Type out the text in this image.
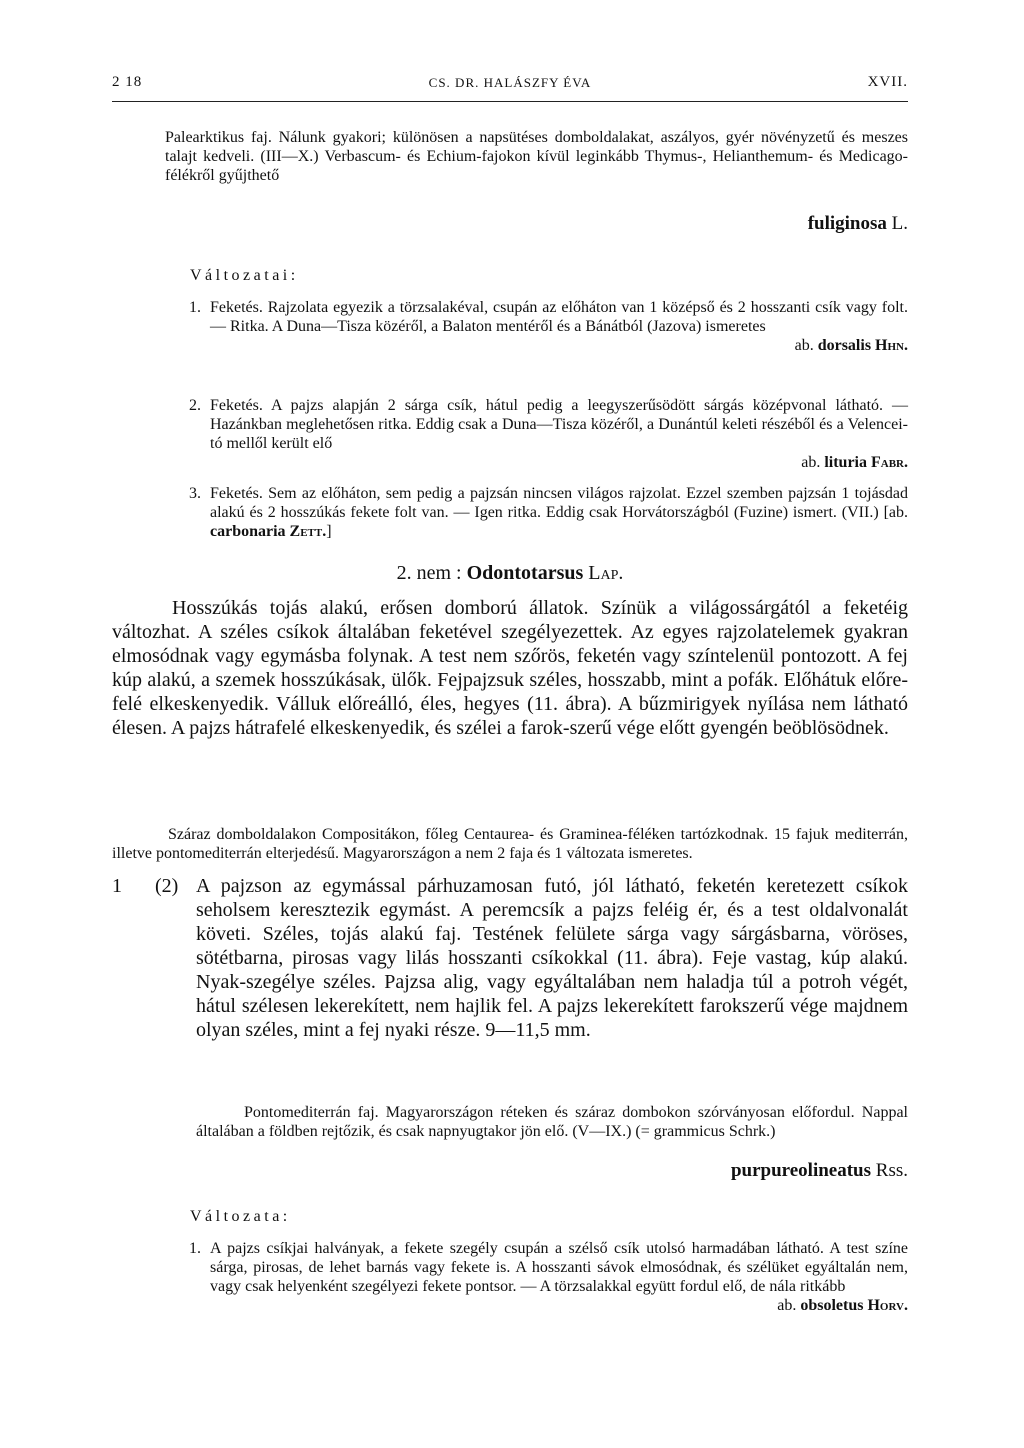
2 18	CS. DR. HALÁSZFY ÉVA	XVII.
Palearktikus faj. Nálunk gyakori; különösen a napsütéses domboldalakat, aszályos, gyér növényzetű és meszes talajt kedveli. (III—X.) Verbascum- és Echium-fajokon kívül leginkább Thymus-, Helianthemum- és Medicago-félékről gyűjthető
fuliginosa L.
Változatai:
1. Feketés. Rajzolata egyezik a törzsalakéval, csupán az előháton van 1 középső és 2 hosszanti csík vagy folt. — Ritka. A Duna—Tisza közéről, a Balaton mentéről és a Bánátból (Jazova) ismeretes
ab. dorsalis Hhn.
2. Feketés. A pajzs alapján 2 sárga csík, hátul pedig a leegyszerűsödött sárgás középvonal látható. — Hazánkban meglehetősen ritka. Eddig csak a Duna—Tisza közéről, a Dunántúl keleti részéből és a Velencei-tó mellől került elő
ab. lituria Fabr.
3. Feketés. Sem az előháton, sem pedig a pajzsán nincsen világos rajzolat. Ezzel szemben pajzsán 1 tojásdad alakú és 2 hosszúkás fekete folt van. — Igen ritka. Eddig csak Horvátországból (Fuzine) ismert. (VII.) [ab. carbonaria Zett.]
2. nem : Odontotarsus Lap.
Hosszúkás tojás alakú, erősen domború állatok. Színük a világossárgától a feketéig változhat. A széles csíkok általában feketével szegélyezettek. Az egyes rajzolatelemek gyakran elmosódnak vagy egymásba folynak. A test nem szőrös, feketén vagy színtelenül pontozott. A fej kúp alakú, a szemek hosszúkásak, ülők. Fejpajzsuk széles, hosszabb, mint a pofák. Előhátuk előre-felé elkeskenyedik. Válluk előreálló, éles, hegyes (11. ábra). A bűzmirigyek nyílása nem látható élesen. A pajzs hátrafelé elkeskenyedik, és szélei a farok-szerű vége előtt gyengén beöblösödnek.
Száraz domboldalakon Compositákon, főleg Centaurea- és Graminea-féléken tartózkodnak. 15 fajuk mediterrán, illetve pontomediterrán elterjedésű. Magyarországon a nem 2 faja és 1 változata ismeretes.
1 (2) A pajzson az egymással párhuzamosan futó, jól látható, feketén keretezett csíkok seholsem keresztezik egymást. A peremcsík a pajzs feléig ér, és a test oldalvonalát követi. Széles, tojás alakú faj. Testének felülete sárga vagy sárgásbarna, vöröses, sötétbarna, pirosas vagy lilás hosszanti csíkokkal (11. ábra). Feje vastag, kúp alakú. Nyak-szegélye széles. Pajzsa alig, vagy egyáltalában nem haladja túl a potroh végét, hátul szélesen lekerekített, nem hajlik fel. A pajzs lekerekített farokszerű vége majdnem olyan széles, mint a fej nyaki része. 9—11,5 mm.
Pontomediterrán faj. Magyarországon réteken és száraz dombokon szórványosan előfordul. Nappal általában a földben rejtőzik, és csak napnyugtakor jön elő. (V—IX.) (= grammicus Schrk.)
purpureolineatus Rss.
Változata:
1. A pajzs csíkjai halványak, a fekete szegély csupán a szélső csík utolsó harmadában látható. A test színe sárga, pirosas, de lehet barnás vagy fekete is. A hosszanti sávok elmosódnak, és szélüket egyáltalán nem, vagy csak helyenként szegélyezi fekete pontsor. — A törzsalakkal együtt fordul elő, de nála ritkább
ab. obsoletus Horv.
